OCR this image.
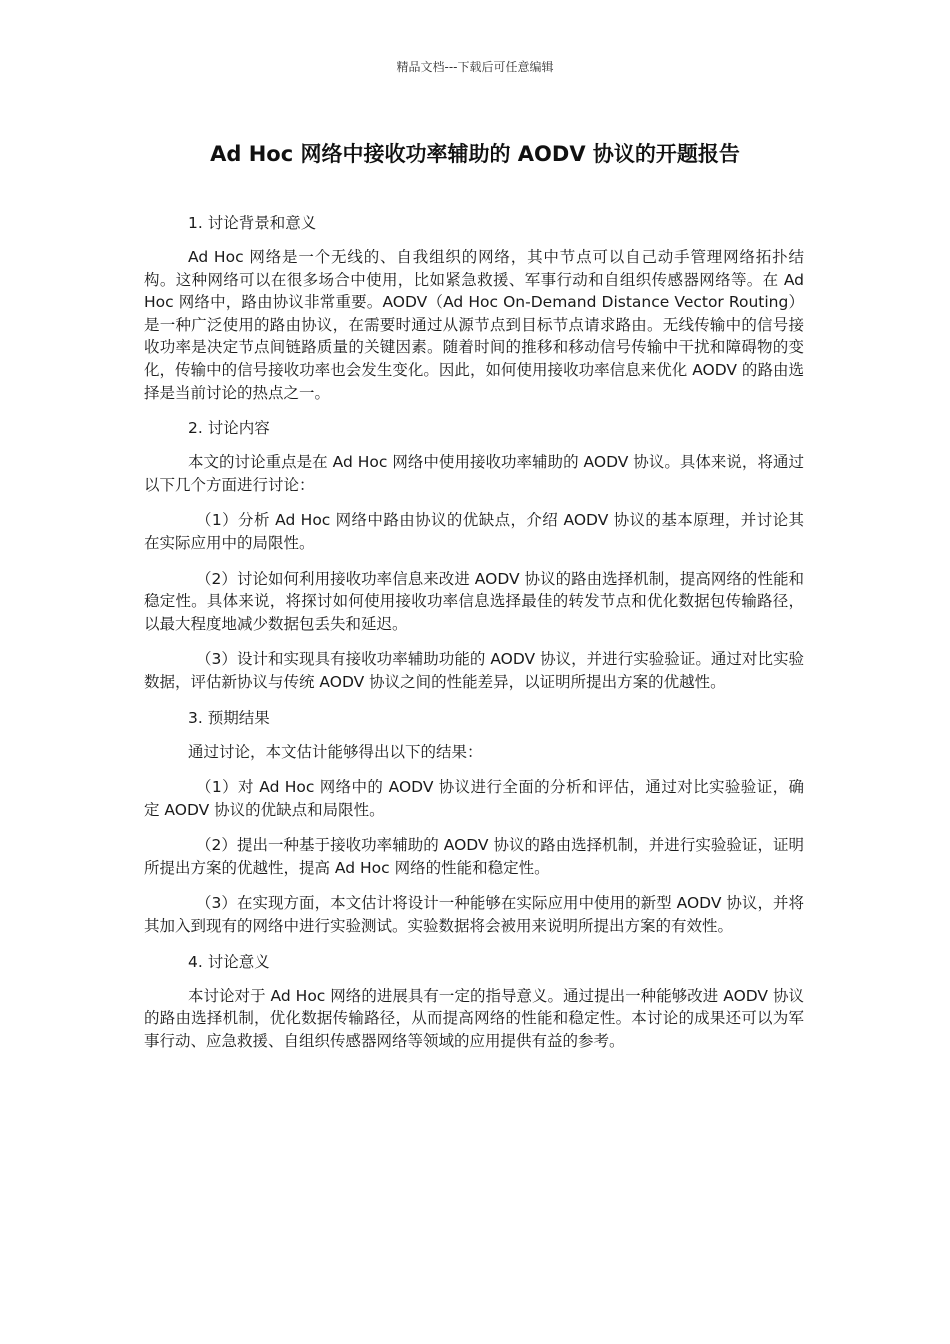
精品文档---下载后可任意编辑
Ad Hoc 网络中接收功率辅助的 AODV 协议的开题报告

1. 讨论背景和意义

Ad Hoc 网络是一个无线的、自我组织的网络，其中节点可以自己动手管理网络拓扑结构。这种网络可以在很多场合中使用，比如紧急救援、军事行动和自组织传感器网络等。在 Ad Hoc 网络中，路由协议非常重要。AODV（Ad Hoc On-Demand Distance Vector Routing）是一种广泛使用的路由协议，在需要时通过从源节点到目标节点请求路由。无线传输中的信号接收功率是决定节点间链路质量的关键因素。随着时间的推移和移动信号传输中干扰和障碍物的变化，传输中的信号接收功率也会发生变化。因此，如何使用接收功率信息来优化 AODV 的路由选择是当前讨论的热点之一。

2. 讨论内容

本文的讨论重点是在 Ad Hoc 网络中使用接收功率辅助的 AODV 协议。具体来说，将通过以下几个方面进行讨论：

（1）分析 Ad Hoc 网络中路由协议的优缺点，介绍 AODV 协议的基本原理，并讨论其在实际应用中的局限性。

（2）讨论如何利用接收功率信息来改进 AODV 协议的路由选择机制，提高网络的性能和稳定性。具体来说，将探讨如何使用接收功率信息选择最佳的转发节点和优化数据包传输路径，以最大程度地减少数据包丢失和延迟。

（3）设计和实现具有接收功率辅助功能的 AODV 协议，并进行实验验证。通过对比实验数据，评估新协议与传统 AODV 协议之间的性能差异，以证明所提出方案的优越性。

3. 预期结果

通过讨论，本文估计能够得出以下的结果：

（1）对 Ad Hoc 网络中的 AODV 协议进行全面的分析和评估，通过对比实验验证，确定 AODV 协议的优缺点和局限性。

（2）提出一种基于接收功率辅助的 AODV 协议的路由选择机制，并进行实验验证，证明所提出方案的优越性，提高 Ad Hoc 网络的性能和稳定性。

（3）在实现方面，本文估计将设计一种能够在实际应用中使用的新型 AODV 协议，并将其加入到现有的网络中进行实验测试。实验数据将会被用来说明所提出方案的有效性。

4. 讨论意义

本讨论对于 Ad Hoc 网络的进展具有一定的指导意义。通过提出一种能够改进 AODV 协议的路由选择机制，优化数据传输路径，从而提高网络的性能和稳定性。本讨论的成果还可以为军事行动、应急救援、自组织传感器网络等领域的应用提供有益的参考。
